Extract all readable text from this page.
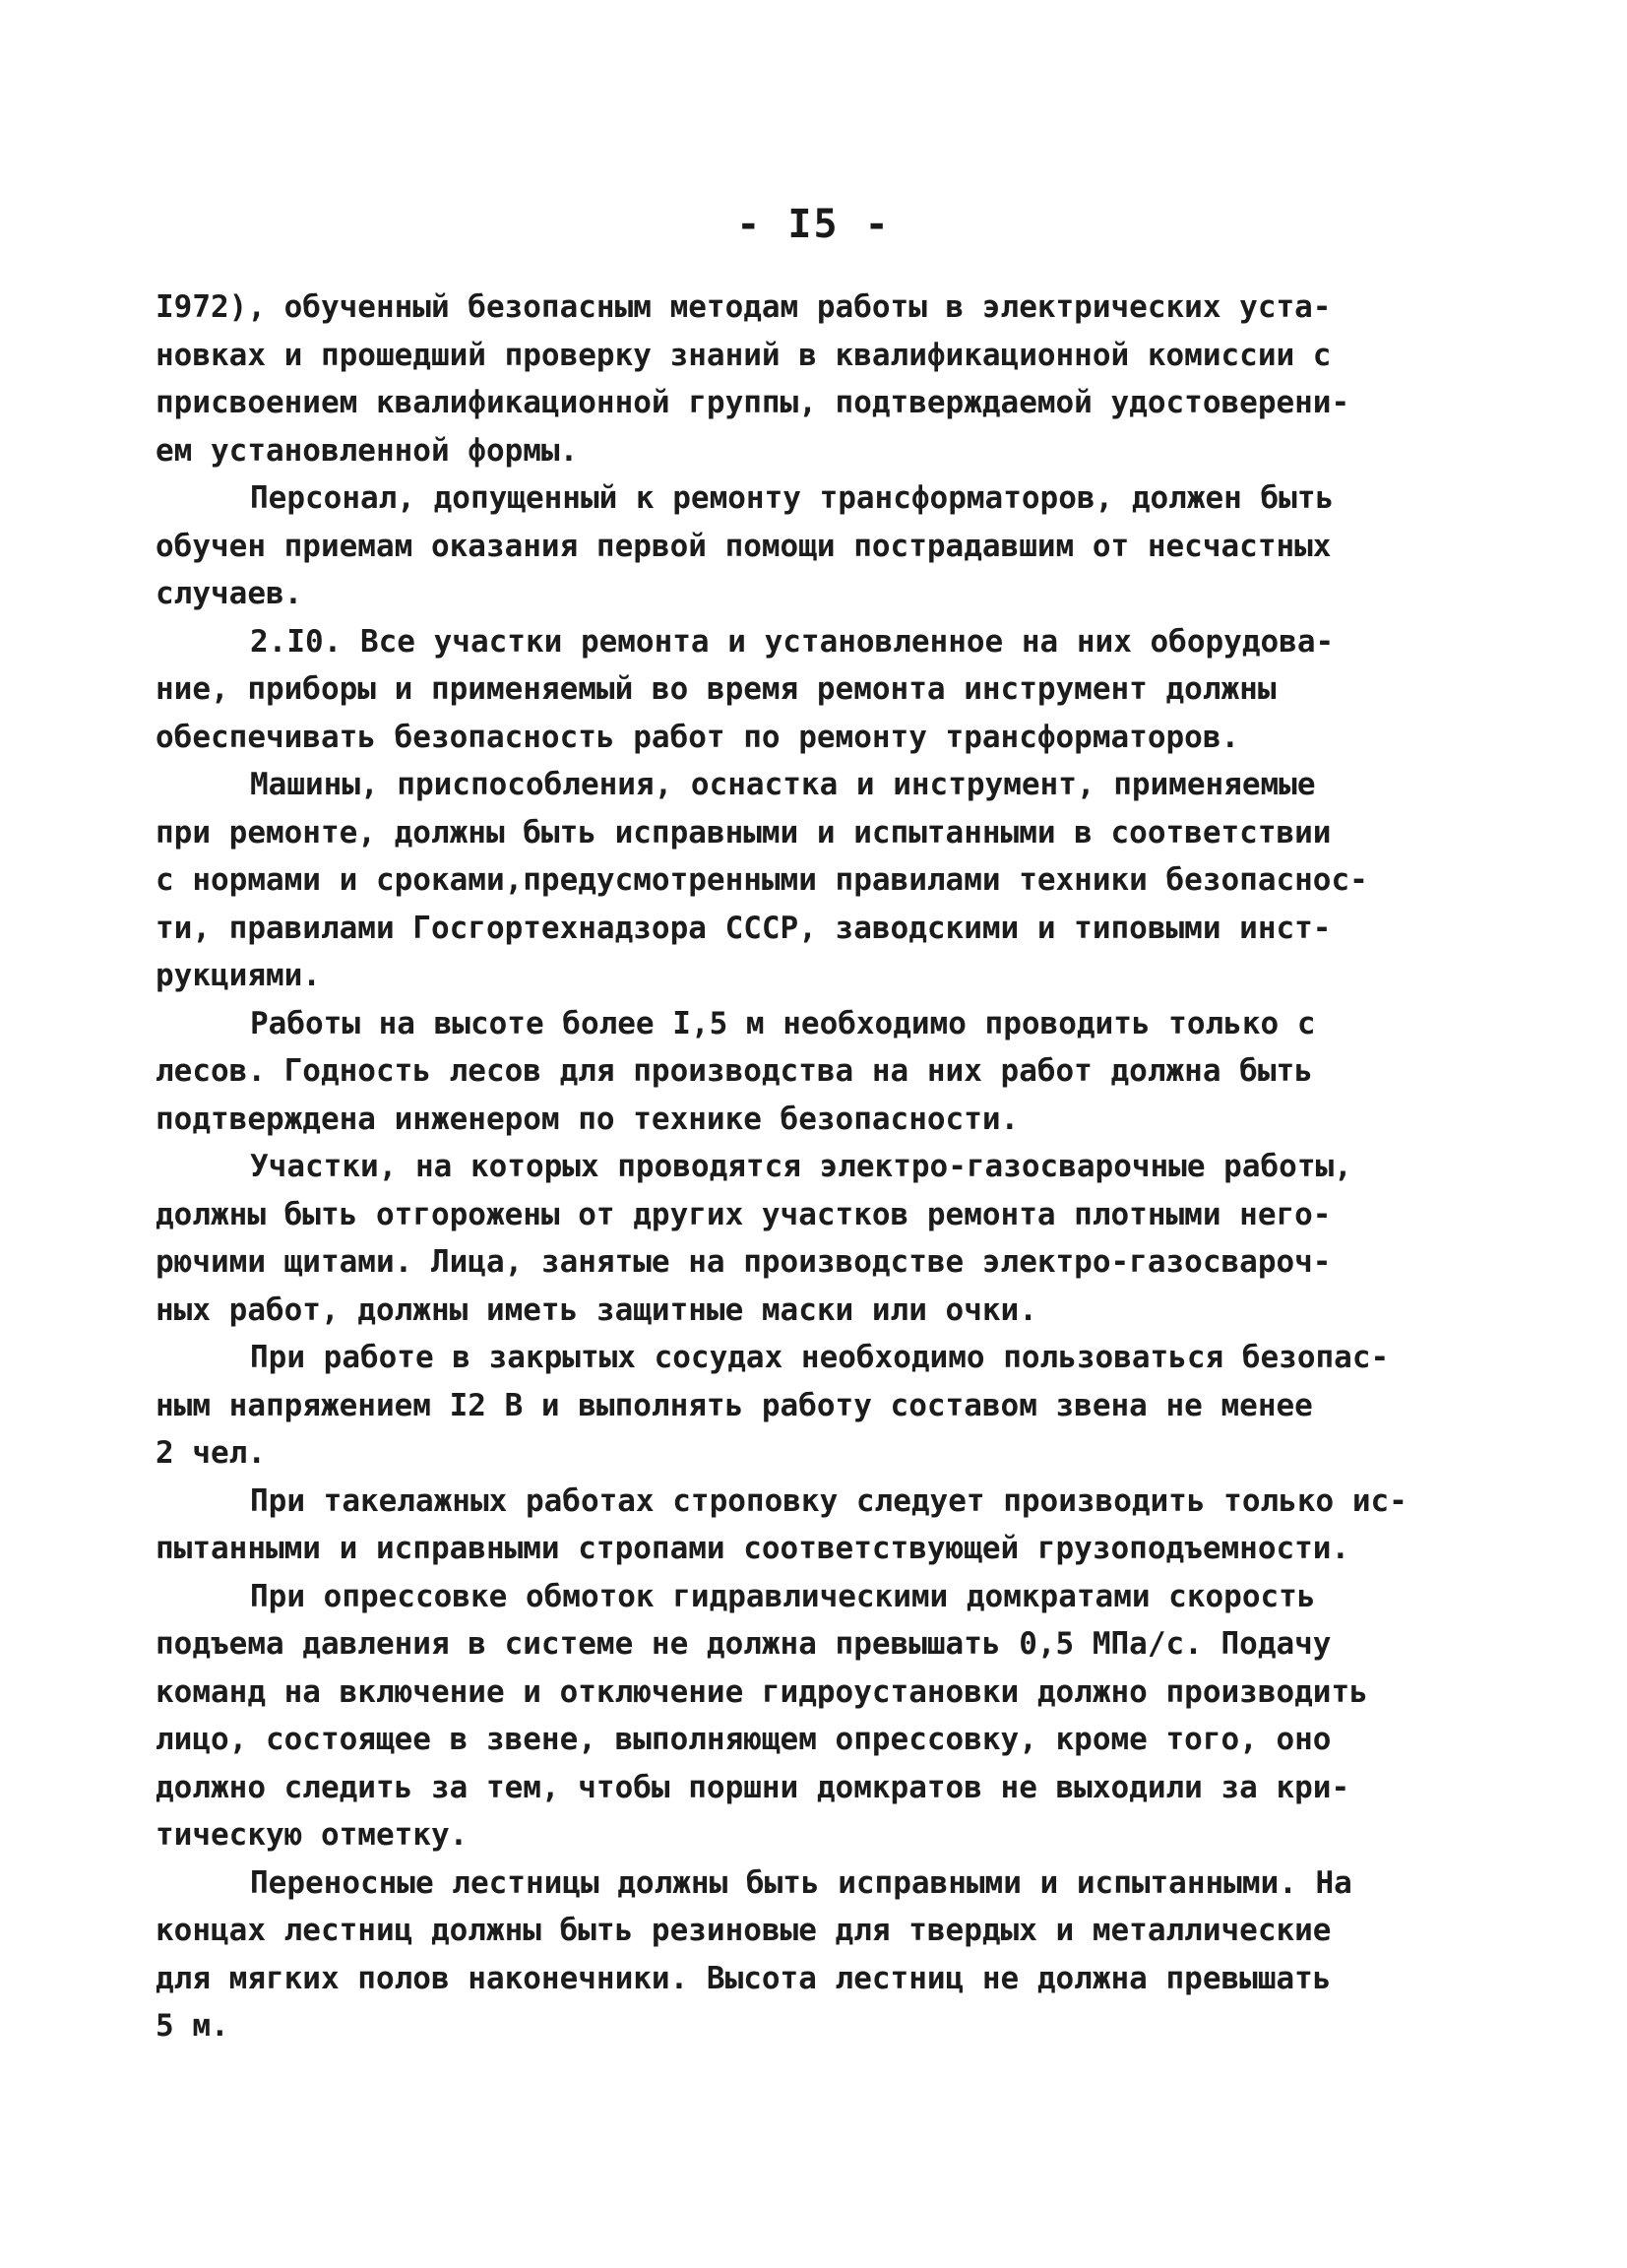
- I5 -
I972), обученный безопасным методам работы в электрических уста-
новках и прошедший проверку знаний в квалификационной комиссии с
присвоением квалификационной группы, подтверждаемой удостоверени-
ем установленной формы.
Персонал, допущенный к ремонту трансформаторов, должен быть
обучен приемам оказания первой помощи пострадавшим от несчастных
случаев.
2.I0. Все участки ремонта и установленное на них оборудова-
ние, приборы и применяемый во время ремонта инструмент должны
обеспечивать безопасность работ по ремонту трансформаторов.
Машины, приспособления, оснастка и инструмент, применяемые
при ремонте, должны быть исправными и испытанными в соответствии
с нормами и сроками,предусмотренными правилами техники безопаснос-
ти, правилами Госгортехнадзора СССР, заводскими и типовыми инст-
рукциями.
Работы на высоте более I,5 м необходимо проводить только с
лесов. Годность лесов для производства на них работ должна быть
подтверждена инженером по технике безопасности.
Участки, на которых проводятся электро-газосварочные работы,
должны быть отгорожены от других участков ремонта плотными него-
рючими щитами. Лица, занятые на производстве электро-газосвароч-
ных работ, должны иметь защитные маски или очки.
При работе в закрытых сосудах необходимо пользоваться безопас-
ным напряжением I2 В и выполнять работу составом звена не менее
2 чел.
При такелажных работах строповку следует производить только ис-
пытанными и исправными стропами соответствующей грузоподъемности.
При опрессовке обмоток гидравлическими домкратами скорость
подъема давления в системе не должна превышать 0,5 МПа/с. Подачу
команд на включение и отключение гидроустановки должно производить
лицо, состоящее в звене, выполняющем опрессовку, кроме того, оно
должно следить за тем, чтобы поршни домкратов не выходили за кри-
тическую отметку.
Переносные лестницы должны быть исправными и испытанными. На
концах лестниц должны быть резиновые для твердых и металлические
для мягких полов наконечники. Высота лестниц не должна превышать
5 м.
